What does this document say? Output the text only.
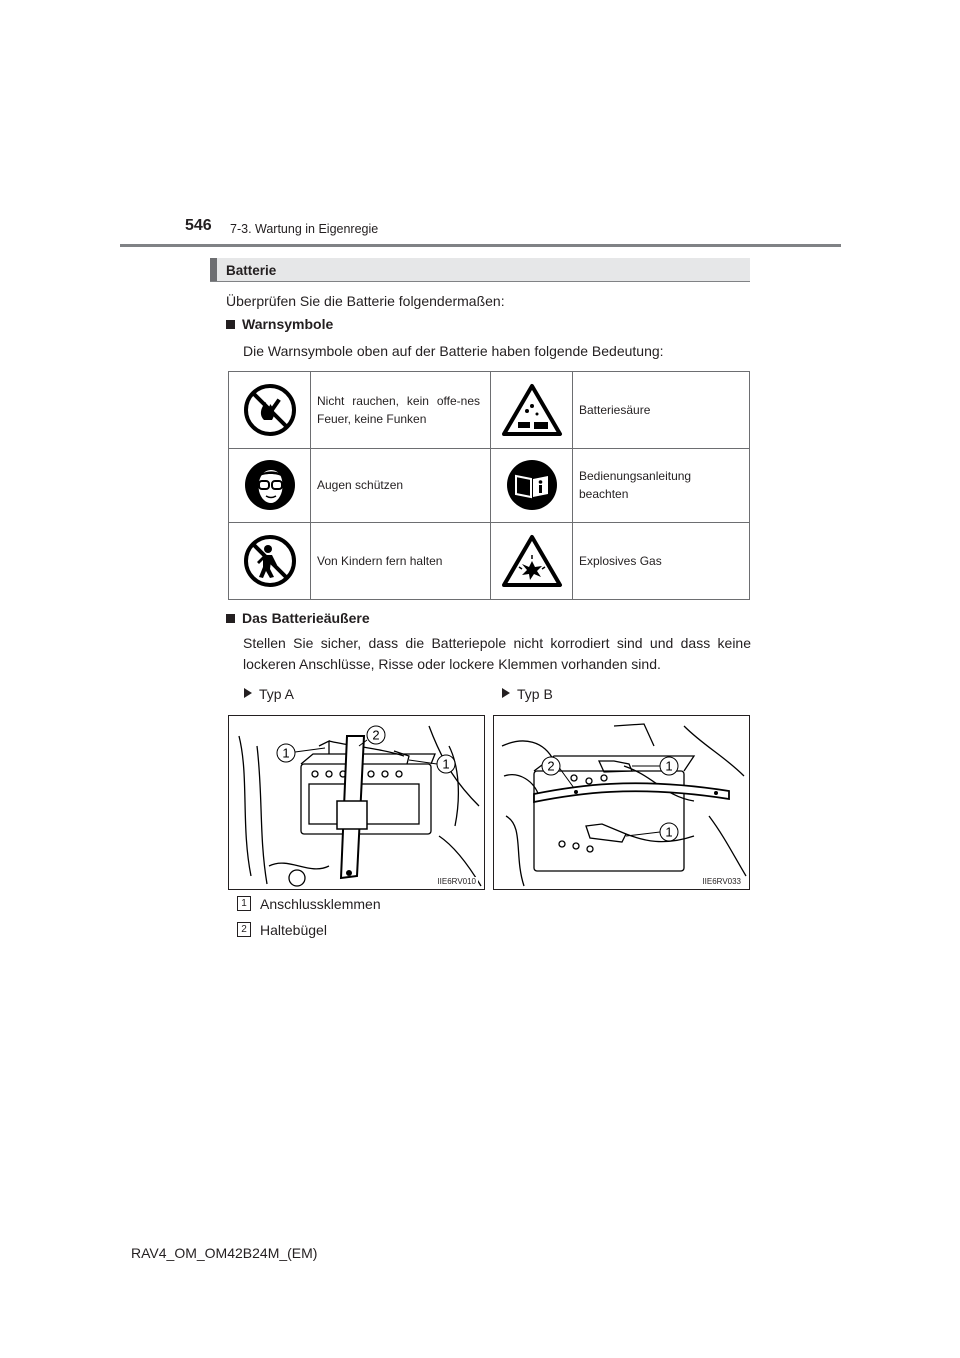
546 7-3. Wartung in Eigenregie
Batterie
Überprüfen Sie die Batterie folgendermaßen:
Warnsymbole
Die Warnsymbole oben auf der Batterie haben folgende Bedeutung:
	Nicht rauchen, kein offe-nes Feuer, keine Funken		Batteriesäure

	Augen schützen		Bedienungsanleitung beachten

	Von Kindern fern halten		Explosives Gas
Das Batterieäußere
Stellen Sie sicher, dass die Batteriepole nicht korrodiert sind und dass keine lockeren Anschlüsse, Risse oder lockere Klemmen vorhanden sind.
Typ A	Typ B
1
2
1
IIE6RV010
2	1
1
IIE6RV033
1 Anschlussklemmen
2 Haltebügel
RAV4_OM_OM42B24M_(EM)
